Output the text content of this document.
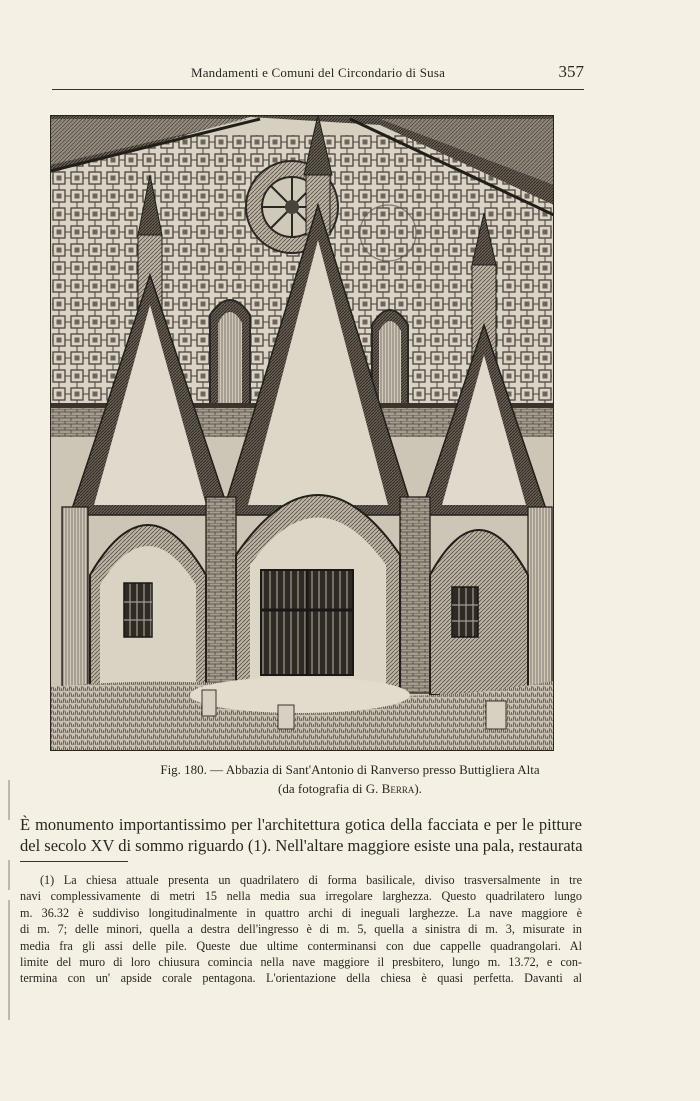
Mandamenti e Comuni del Circondario di Susa	357
Fig. 180. — Abbazia di Sant'Antonio di Ranverso presso Buttigliera Alta
(da fotografia di G. Berra).
È monumento importantissimo per l'architettura gotica della facciata e per le pitture
del secolo XV di sommo riguardo (1). Nell'altare maggiore esiste una pala, restaurata
(1) La chiesa attuale presenta un quadrilatero di forma basilicale, diviso trasversalmente in tre
navi complessivamente di metri 15 nella media sua irregolare larghezza. Questo quadrilatero lungo
m. 36.32 è suddiviso longitudinalmente in quattro archi di ineguali larghezze. La nave maggiore è
di m. 7; delle minori, quella a destra dell'ingresso è di m. 5, quella a sinistra di m. 3, misurate in
media fra gli assi delle pile. Queste due ultime conterminansi con due cappelle quadrangolari. Al
limite del muro di loro chiusura comincia nella nave maggiore il presbitero, lungo m. 13.72, e con-
termina con un' apside corale pentagona. L'orientazione della chiesa è quasi perfetta. Davanti al
